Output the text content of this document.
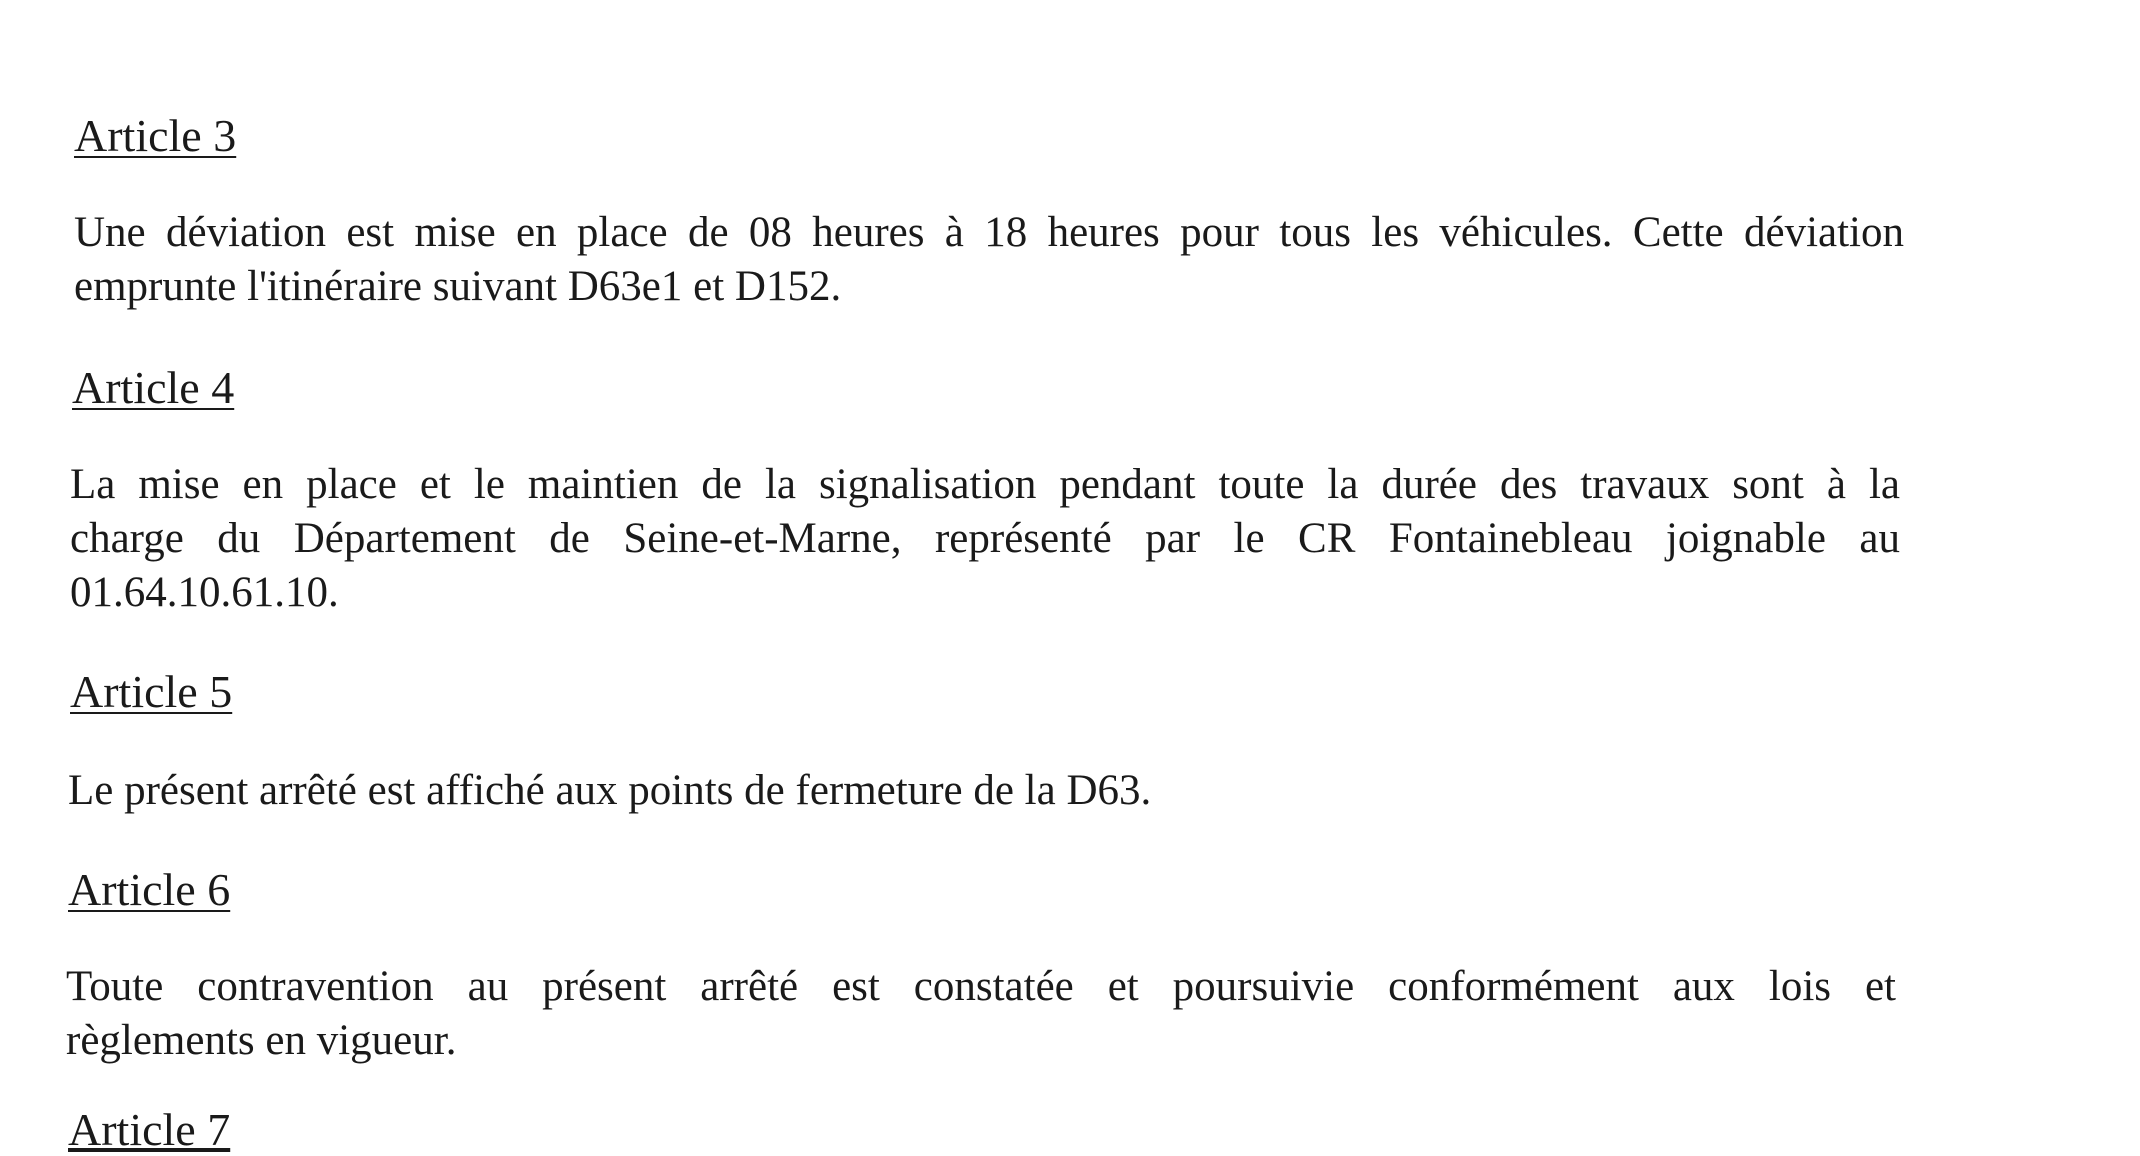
Article 3

Une déviation est mise en place de 08 heures à 18 heures pour tous les véhicules. Cette déviation
emprunte l'itinéraire suivant D63e1 et D152.

Article 4

La mise en place et le maintien de la signalisation pendant toute la durée des travaux sont à la
charge du Département de Seine-et-Marne, représenté par le CR Fontainebleau joignable au
01.64.10.61.10.

Article 5

Le présent arrêté est affiché aux points de fermeture de la D63.

Article 6

Toute contravention au présent arrêté est constatée et poursuivie conformément aux lois et
règlements en vigueur.

Article 7
